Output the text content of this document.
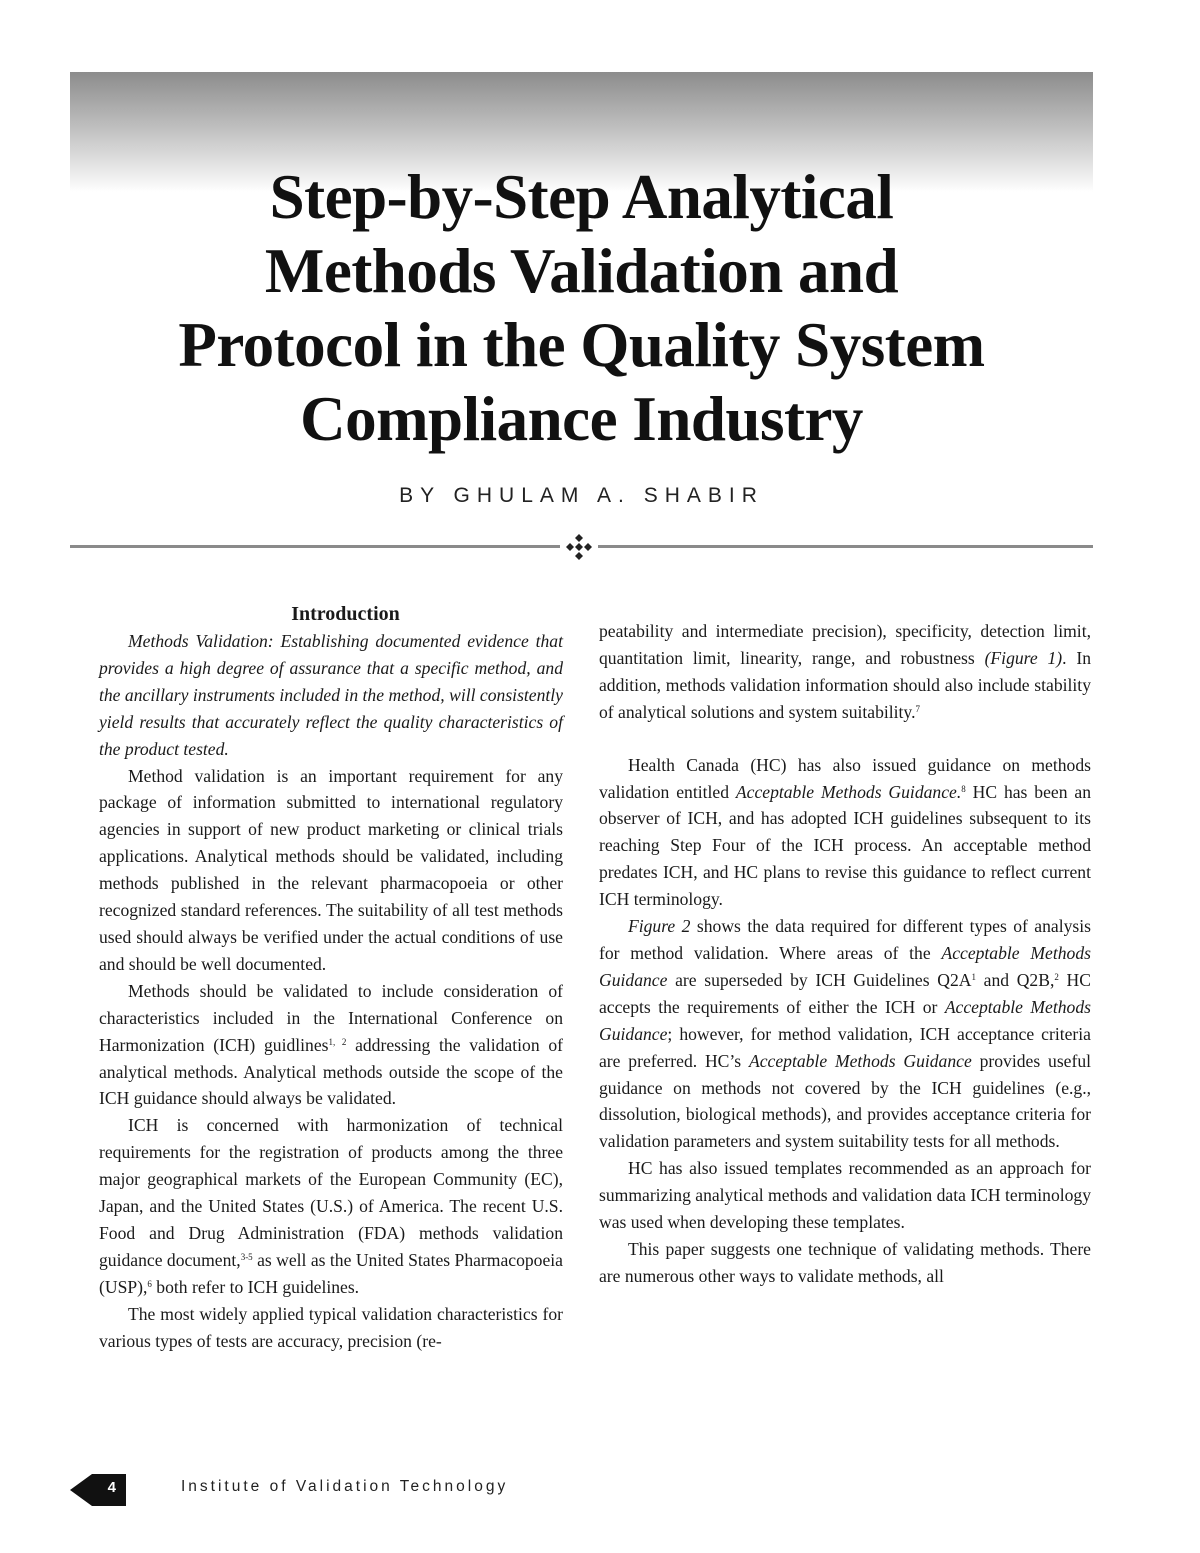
Step-by-Step Analytical
Methods Validation and
Protocol in the Quality System
Compliance Industry
BY GHULAM A. SHABIR

Introduction

Methods Validation: Establishing documented evidence that provides a high degree of assurance that a specific method, and the ancillary instruments included in the method, will consistently yield results that accurately reflect the quality characteristics of the product tested.

Method validation is an important requirement for any package of information submitted to international regulatory agencies in support of new product marketing or clinical trials applications. Analytical methods should be validated, including methods published in the relevant pharmacopoeia or other recognized standard references. The suitability of all test methods used should always be verified under the actual conditions of use and should be well documented.

Methods should be validated to include consideration of characteristics included in the International Conference on Harmonization (ICH) guidlines$^{1, 2}$ addressing the validation of analytical methods. Analytical methods outside the scope of the ICH guidance should always be validated.

ICH is concerned with harmonization of technical requirements for the registration of products among the three major geographical markets of the European Community (EC), Japan, and the United States (U.S.) of America. The recent U.S. Food and Drug Administration (FDA) methods validation guidance document,$^{3-5}$ as well as the United States Pharmacopoeia (USP),$^6$ both refer to ICH guidelines.

The most widely applied typical validation characteristics for various types of tests are accuracy, precision (re-

peatability and intermediate precision), specificity, detection limit, quantitation limit, linearity, range, and robustness (Figure 1). In addition, methods validation information should also include stability of analytical solutions and system suitability.$^7$

Health Canada (HC) has also issued guidance on methods validation entitled Acceptable Methods Guidance.$^8$ HC has been an observer of ICH, and has adopted ICH guidelines subsequent to its reaching Step Four of the ICH process. An acceptable method predates ICH, and HC plans to revise this guidance to reflect current ICH terminology.

Figure 2 shows the data required for different types of analysis for method validation. Where areas of the Acceptable Methods Guidance are superseded by ICH Guidelines $Q2A^1$ and Q2B,$^2$ HC accepts the requirements of either the ICH or Acceptable Methods Guidance; however, for method validation, ICH acceptance criteria are preferred. HC’s Acceptable Methods Guidance provides useful guidance on methods not covered by the ICH guidelines (e.g., dissolution, biological methods), and provides acceptance criteria for validation parameters and system suitability tests for all methods.

HC has also issued templates recommended as an approach for summarizing analytical methods and validation data ICH terminology was used when developing these templates.

This paper suggests one technique of validating methods. There are numerous other ways to validate methods, all

4	Institute of Validation Technology
